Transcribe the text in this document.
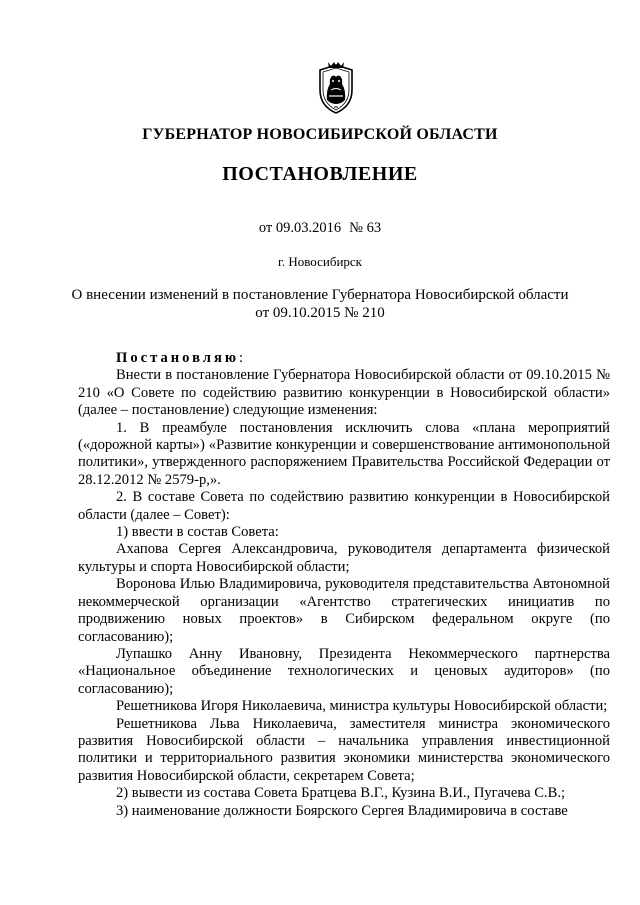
ГУБЕРНАТОР НОВОСИБИРСКОЙ ОБЛАСТИ
ПОСТАНОВЛЕНИЕ
от 09.03.2016 № 63
г. Новосибирск
О внесении изменений в постановление Губернатора Новосибирской области
от 09.10.2015 № 210

Постановляю:

Внести в постановление Губернатора Новосибирской области от 09.10.2015 № 210 «О Совете по содействию развитию конкуренции в Новосибирской области» (далее – постановление) следующие изменения:

1. В преамбуле постановления исключить слова «плана мероприятий («дорожной карты») «Развитие конкуренции и совершенствование антимонопольной политики», утвержденного распоряжением Правительства Российской Федерации от 28.12.2012 № 2579-р,».

2. В составе Совета по содействию развитию конкуренции в Новосибирской области (далее – Совет):

1) ввести в состав Совета:

Ахапова Сергея Александровича, руководителя департамента физической культуры и спорта Новосибирской области;

Воронова Илью Владимировича, руководителя представительства Автономной некоммерческой организации «Агентство стратегических инициатив по продвижению новых проектов» в Сибирском федеральном округе (по согласованию);

Лупашко Анну Ивановну, Президента Некоммерческого партнерства «Национальное объединение технологических и ценовых аудиторов» (по согласованию);

Решетникова Игоря Николаевича, министра культуры Новосибирской области;

Решетникова Льва Николаевича, заместителя министра экономического развития Новосибирской области – начальника управления инвестиционной политики и территориального развития экономики министерства экономического развития Новосибирской области, секретарем Совета;

2) вывести из состава Совета Братцева В.Г., Кузина В.И., Пугачева С.В.;

3) наименование должности Боярского Сергея Владимировича в составе
